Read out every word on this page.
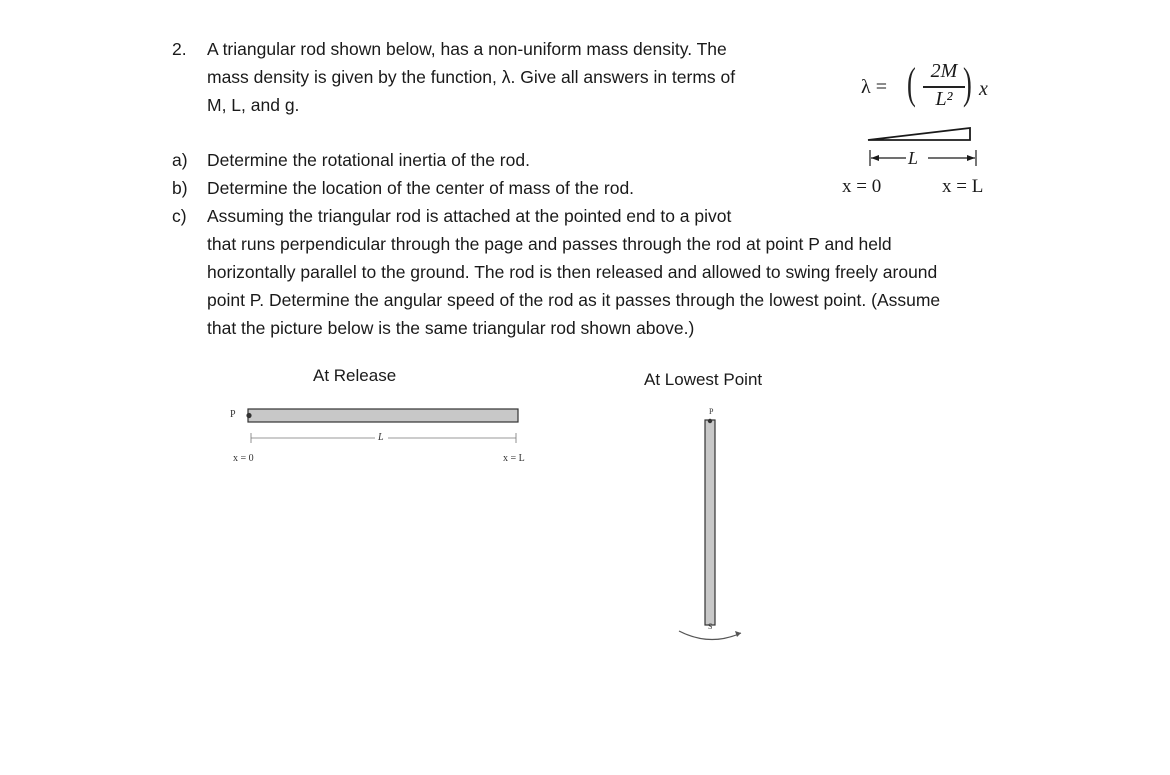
2. A triangular rod shown below, has a non-uniform mass density. The
mass density is given by the function, λ. Give all answers in terms of
M, L, and g.
a) Determine the rotational inertia of the rod.
b) Determine the location of the center of mass of the rod.
c) Assuming the triangular rod is attached at the pointed end to a pivot
that runs perpendicular through the page and passes through the rod at point P and held
horizontally parallel to the ground. The rod is then released and allowed to swing freely around
point P. Determine the angular speed of the rod as it passes through the lowest point. (Assume
that the picture below is the same triangular rod shown above.)
λ = ( 2M
L² ) x
L
x = 0	x = L
At Release
P
L
x = 0	x = L
At Lowest Point
P
S
